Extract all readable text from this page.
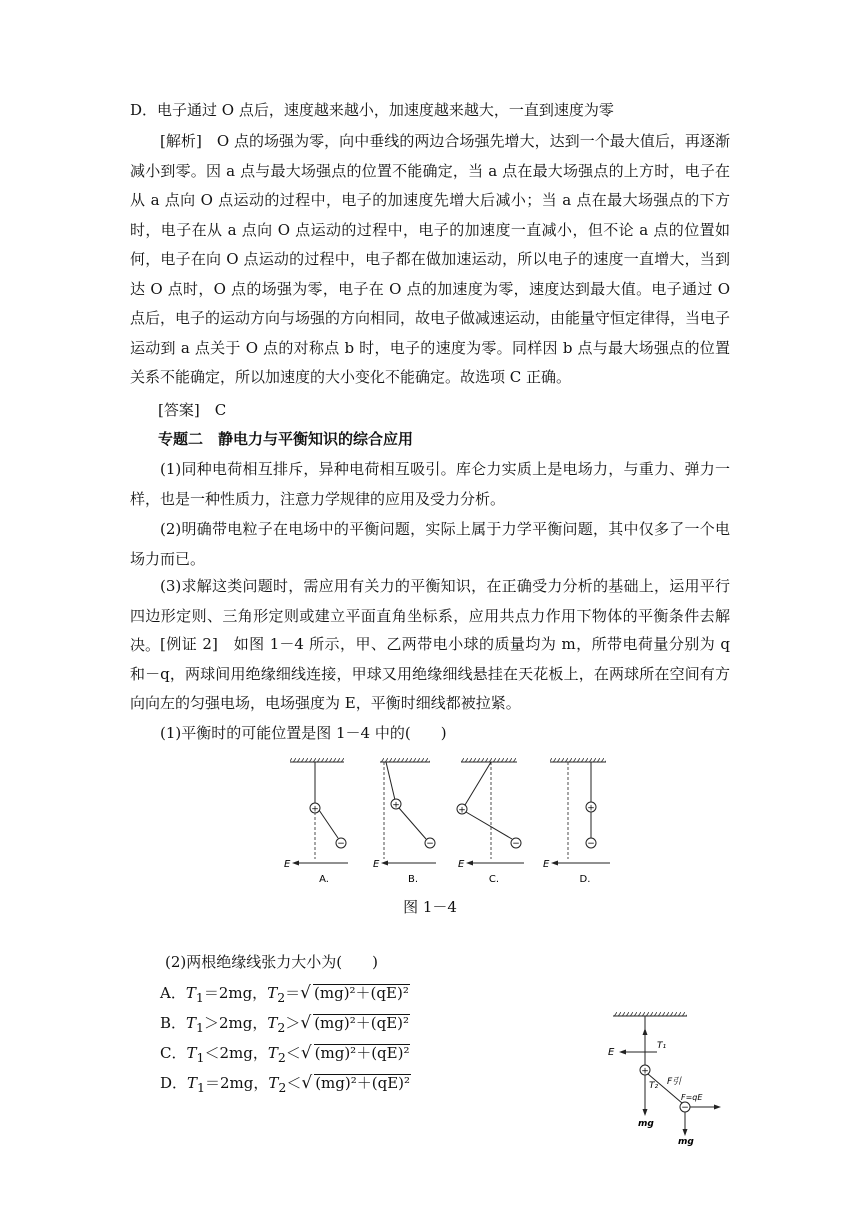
D．电子通过 O 点后，速度越来越小，加速度越来越大，一直到速度为零

[解析]　O 点的场强为零，向中垂线的两边合场强先增大，达到一个最大值后，再逐渐减小到零。因 a 点与最大场强点的位置不能确定，当 a 点在最大场强点的上方时，电子在从 a 点向 O 点运动的过程中，电子的加速度先增大后减小；当 a 点在最大场强点的下方时，电子在从 a 点向 O 点运动的过程中，电子的加速度一直减小，但不论 a 点的位置如何，电子在向 O 点运动的过程中，电子都在做加速运动，所以电子的速度一直增大，当到达 O 点时，O 点的场强为零，电子在 O 点的加速度为零，速度达到最大值。电子通过 O 点后，电子的运动方向与场强的方向相同，故电子做减速运动，由能量守恒定律得，当电子运动到 a 点关于 O 点的对称点 b 时，电子的速度为零。同样因 b 点与最大场强点的位置关系不能确定，所以加速度的大小变化不能确定。故选项 C 正确。

[答案]　C

专题二　静电力与平衡知识的综合应用

(1)同种电荷相互排斥，异种电荷相互吸引。库仑力实质上是电场力，与重力、弹力一样，也是一种性质力，注意力学规律的应用及受力分析。

(2)明确带电粒子在电场中的平衡问题，实际上属于力学平衡问题，其中仅多了一个电场力而已。

(3)求解这类问题时，需应用有关力的平衡知识，在正确受力分析的基础上，运用平行四边形定则、三角形定则或建立平面直角坐标系，应用共点力作用下物体的平衡条件去解决。 [例证 2]　如图 1－4 所示，甲、乙两带电小球的质量均为 m，所带电荷量分别为 q 和－q，两球间用绝缘细线连接，甲球又用绝缘细线悬挂在天花板上，在两球所在空间有方向向左的匀强电场，电场强度为 E，平衡时细线都被拉紧。

(1)平衡时的可能位置是图 1－4 中的(　　)

+
−
E
A.
+
−
E
B.
+
−
E
C.
+
−
E
D.
图 1－4

(2)两根绝缘线张力大小为(　　)

A．$T_1=2mg$，$T_2=√$ (mg)²＋(qE)²
B．$T_1>2mg$，$T_2>√$ (mg)²＋(qE)²
C．$T_1<2mg$，$T_2<√$ (mg)²＋(qE)²
D．$T_1=2mg$，$T_2<√$ (mg)²＋(qE)²
T₁
E
+
mg
T₂ F引
−
F=qE
mg
